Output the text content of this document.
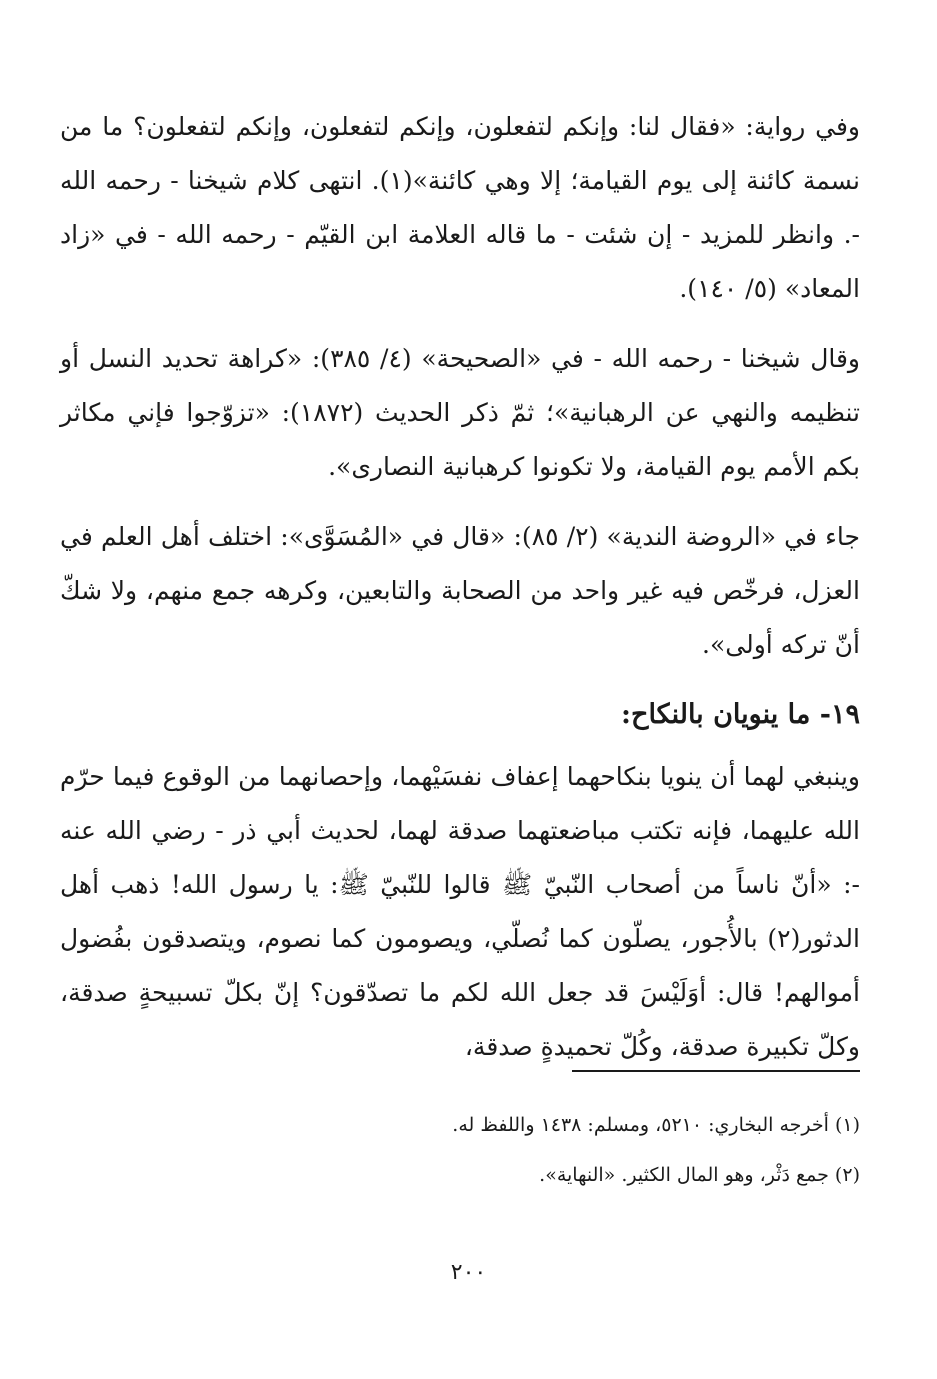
وفي رواية: «فقال لنا: وإنكم لتفعلون، وإنكم لتفعلون، وإنكم لتفعلون؟ ما من نسمة كائنة إلى يوم القيامة؛ إلا وهي كائنة»(١). انتهى كلام شيخنا - رحمه الله -. وانظر للمزيد - إن شئت - ما قاله العلامة ابن القيّم - رحمه الله - في «زاد المعاد» (٥/ ١٤٠).

وقال شيخنا - رحمه الله - في «الصحيحة» (٤/ ٣٨٥): «كراهة تحديد النسل أو تنظيمه والنهي عن الرهبانية»؛ ثمّ ذكر الحديث (١٨٧٢): «تزوّجوا فإني مكاثر بكم الأمم يوم القيامة، ولا تكونوا كرهبانية النصارى».

جاء في «الروضة الندية» (٢/ ٨٥): «قال في «المُسَوَّى»: اختلف أهل العلم في العزل، فرخّص فيه غير واحد من الصحابة والتابعين، وكرهه جمع منهم، ولا شكّ أنّ تركه أولى».

١٩- ما ينويان بالنكاح:

وينبغي لهما أن ينويا بنكاحهما إعفاف نفسَيْهما، وإحصانهما من الوقوع فيما حرّم الله عليهما، فإنه تكتب مباضعتهما صدقة لهما، لحديث أبي ذر - رضي الله عنه -: «أنّ ناساً من أصحاب النّبيّ ﷺ قالوا للنّبيّ ﷺ: يا رسول الله! ذهب أهل الدثور(٢) بالأُجور، يصلّون كما نُصلّي، ويصومون كما نصوم، ويتصدقون بفُضول أموالهم! قال: أوَلَيْسَ قد جعل الله لكم ما تصدّقون؟ إنّ بكلّ تسبيحةٍ صدقة، وكلّ تكبيرة صدقة، وكُلّ تحميدةٍ صدقة،

(١) أخرجه البخاري: ٥٢١٠، ومسلم: ١٤٣٨ واللفظ له.

(٢) جمع دَثْر، وهو المال الكثير. «النهاية».

٢٠٠
